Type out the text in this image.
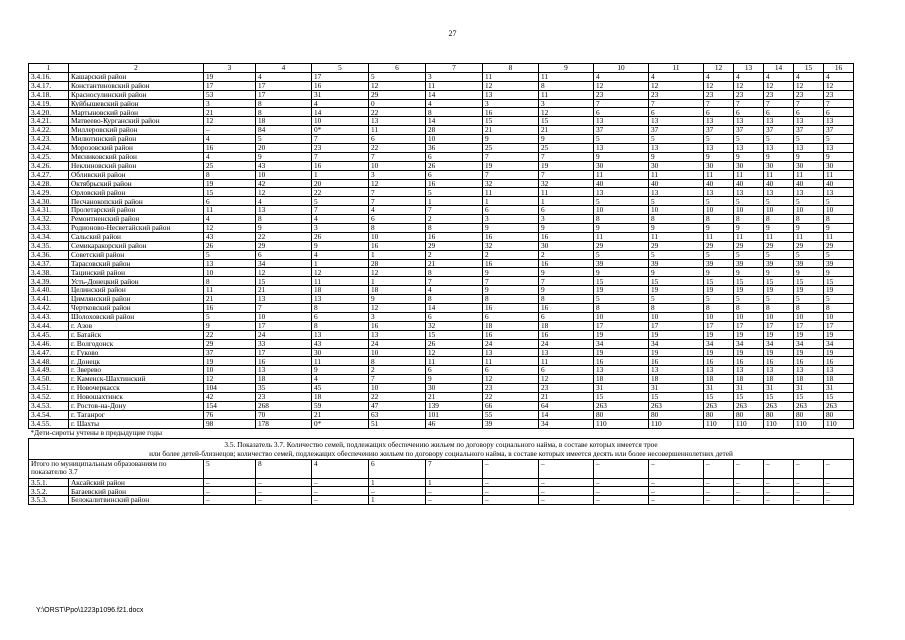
27
1	2	3	4	5	6	7	8	9	10	11	12	13	14	15	16
3.4.16.	Кашарский район	19	4	17	5	3	11	11	4	4	4	4	4	4	4
3.4.17.	Константиновский район	17	17	16	12	11	12	8	12	12	12	12	12	12	12
3.4.18.	Красносулинский район	53	17	31	29	14	13	11	23	23	23	23	23	23	23
3.4.19.	Куйбышевский район	3	8	4	0	4	3	3	7	7	7	7	7	7	7
3.4.20.	Мартыновский район	21	8	14	22	8	16	12	6	6	6	6	6	6	6
3.4.21.	Матвеево-Курганский район	12	18	10	13	14	15	15	13	13	13	13	13	13	13
3.4.22.	Миллеровский район	–	84	0*	11	28	21	21	37	37	37	37	37	37	37
3.4.23.	Милютинский район	4	5	7	6	10	9	9	5	5	5	5	5	5	5
3.4.24.	Морозовский район	16	20	23	22	36	25	25	13	13	13	13	13	13	13
3.4.25.	Мясниковский район	4	9	7	7	6	7	7	9	9	9	9	9	9	9
3.4.26.	Неклиновский район	25	43	16	10	26	19	19	30	30	30	30	30	30	30
3.4.27.	Обливский район	8	10	1	3	6	7	7	11	11	11	11	11	11	11
3.4.28.	Октябрьский район	19	42	20	12	16	32	32	40	40	40	40	40	40	40
3.4.29.	Орловский район	15	12	22	7	5	11	11	13	13	13	13	13	13	13
3.4.30.	Песчанокопский район	6	4	5	7	1	1	1	5	5	5	5	5	5	5
3.4.31.	Пролетарский район	11	13	7	4	7	6	6	10	10	10	10	10	10	10
3.4.32.	Ремонтненский район	4	8	4	6	2	3	3	8	8	8	8	8	8	8
3.4.33.	Родионово-Несветайский район	12	9	3	8	8	9	9	9	9	9	9	9	9	9
3.4.34.	Сальский район	43	22	26	10	16	16	16	11	11	11	11	11	11	11
3.4.35.	Семикаракорский район	26	29	9	16	29	32	30	29	29	29	29	29	29	29
3.4.36.	Советский район	5	6	4	1	2	2	2	5	5	5	5	5	5	5
3.4.37.	Тарасовский район	13	34	1	28	21	16	16	39	39	39	39	39	39	39
3.4.38.	Тацинский район	10	12	12	12	8	9	9	9	9	9	9	9	9	9
3.4.39.	Усть-Донецкий район	8	15	11	1	7	7	7	15	15	15	15	15	15	15
3.4.40.	Целинский район	11	21	18	18	4	9	9	19	19	19	19	19	19	19
3.4.41.	Цимлянский район	21	13	13	9	8	8	8	5	5	5	5	5	5	5
3.4.42.	Чертковский район	16	7	8	12	14	16	16	8	8	8	8	8	8	8
3.4.43.	Шолоховский район	5	10	6	3	6	6	6	10	10	10	10	10	10	10
3.4.44.	г. Азов	9	17	8	16	32	18	18	17	17	17	17	17	17	17
3.4.45.	г. Батайск	22	24	13	13	15	16	16	19	19	19	19	19	19	19
3.4.46.	г. Волгодонск	29	33	43	24	26	24	24	34	34	34	34	34	34	34
3.4.47.	г. Гуково	37	17	30	10	12	13	13	19	19	19	19	19	19	19
3.4.48.	г. Донецк	19	16	11	8	11	11	11	16	16	16	16	16	16	16
3.4.49.	г. Зверево	10	13	9	2	6	6	6	13	13	13	13	13	13	13
3.4.50.	г. Каменск-Шахтинский	12	18	4	7	9	12	12	18	18	18	18	18	18	18
3.4.51.	г. Новочеркасск	104	35	45	10	30	23	23	31	31	31	31	31	31	31
3.4.52.	г. Новошахтинск	42	23	18	22	21	22	21	15	15	15	15	15	15	15
3.4.53.	г. Ростов-на-Дону	154	268	59	47	139	66	64	263	263	263	263	263	263	263
3.4.54.	г. Таганрог	76	70	21	63	101	55	14	80	80	80	80	80	80	80
3.4.55.	г. Шахты	98	178	0*	51	46	39	34	110	110	110	110	110	110	110
*Дети-сироты учтены в предыдущие годы															

3.5. Показатель 3.7. Количество семей, подлежащих обеспечению жильем по договору социального найма, в составе которых имеется трое
или более детей-близнецов; количество семей, подлежащих обеспечению жильем по договору социального найма, в составе которых имеется десять или более несовершеннолетних детей															

Итого по муниципальным образованиям по показателю 3.7		5	8	4	6	7	–	–	–	–	–	–	–	–	–
3.5.1.	Аксайский район	–	–	–	1	1	–	–	–	–	–	–	–	–	–
3.5.2.	Багаевский район	–	–	–	–	–	–	–	–	–	–	–	–	–	–
3.5.3.	Белокалитвинский район	–	–	–	1	–	–	–	–	–	–	–	–	–	–
Y:\ORST\Ppo\1223p1096.f21.docx
